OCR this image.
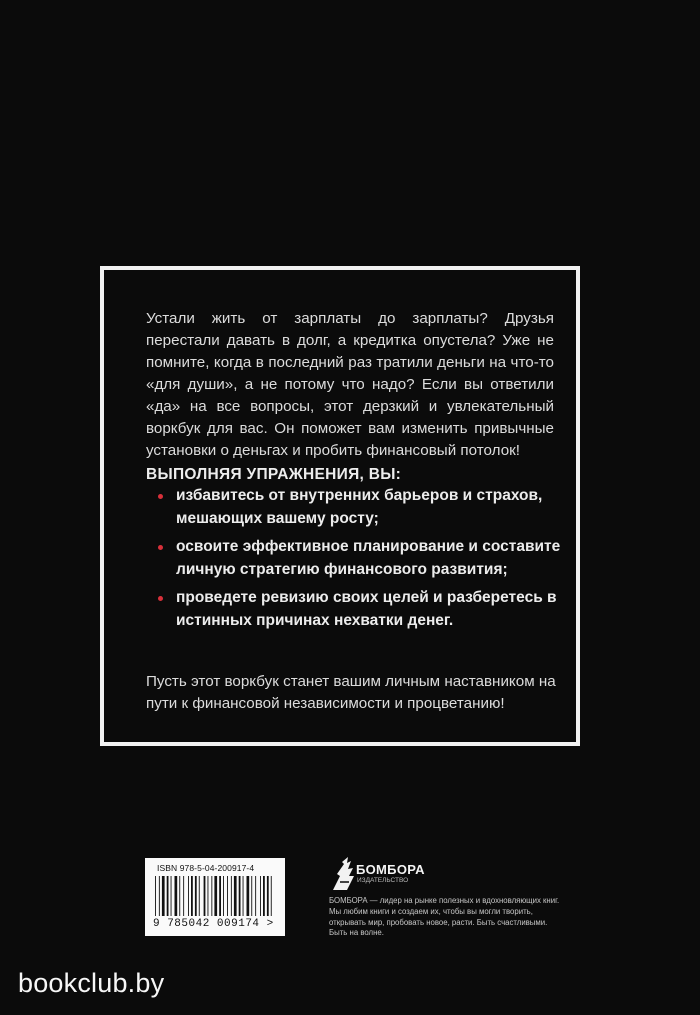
Устали жить от зарплаты до зарплаты? Друзья перестали давать в долг, а кредитка опустела? Уже не помните, когда в последний раз тратили деньги на что-то «для души», а не потому что надо? Если вы ответили «да» на все вопросы, этот дерзкий и увлекательный воркбук для вас. Он поможет вам изменить привычные установки о деньгах и пробить финансовый потолок!

ВЫПОЛНЯЯ УПРАЖНЕНИЯ, ВЫ:

избавитесь от внутренних барьеров и страхов, мешающих вашему росту;
освоите эффективное планирование и составите личную стратегию финансового развития;
проведете ревизию своих целей и разберетесь в истинных причинах нехватки денег.

Пусть этот воркбук станет вашим личным наставником на пути к финансовой независимости и процветанию!

ISBN 978-5-04-200917-4
9 785042 009174 >
БОМБОРА
ИЗДАТЕЛЬСТВО

БОМБОРА — лидер на рынке полезных и вдохновляющих книг. Мы любим книги и создаем их, чтобы вы могли творить, открывать мир, пробовать новое, расти. Быть счастливыми. Быть на волне.

bookclub.by
